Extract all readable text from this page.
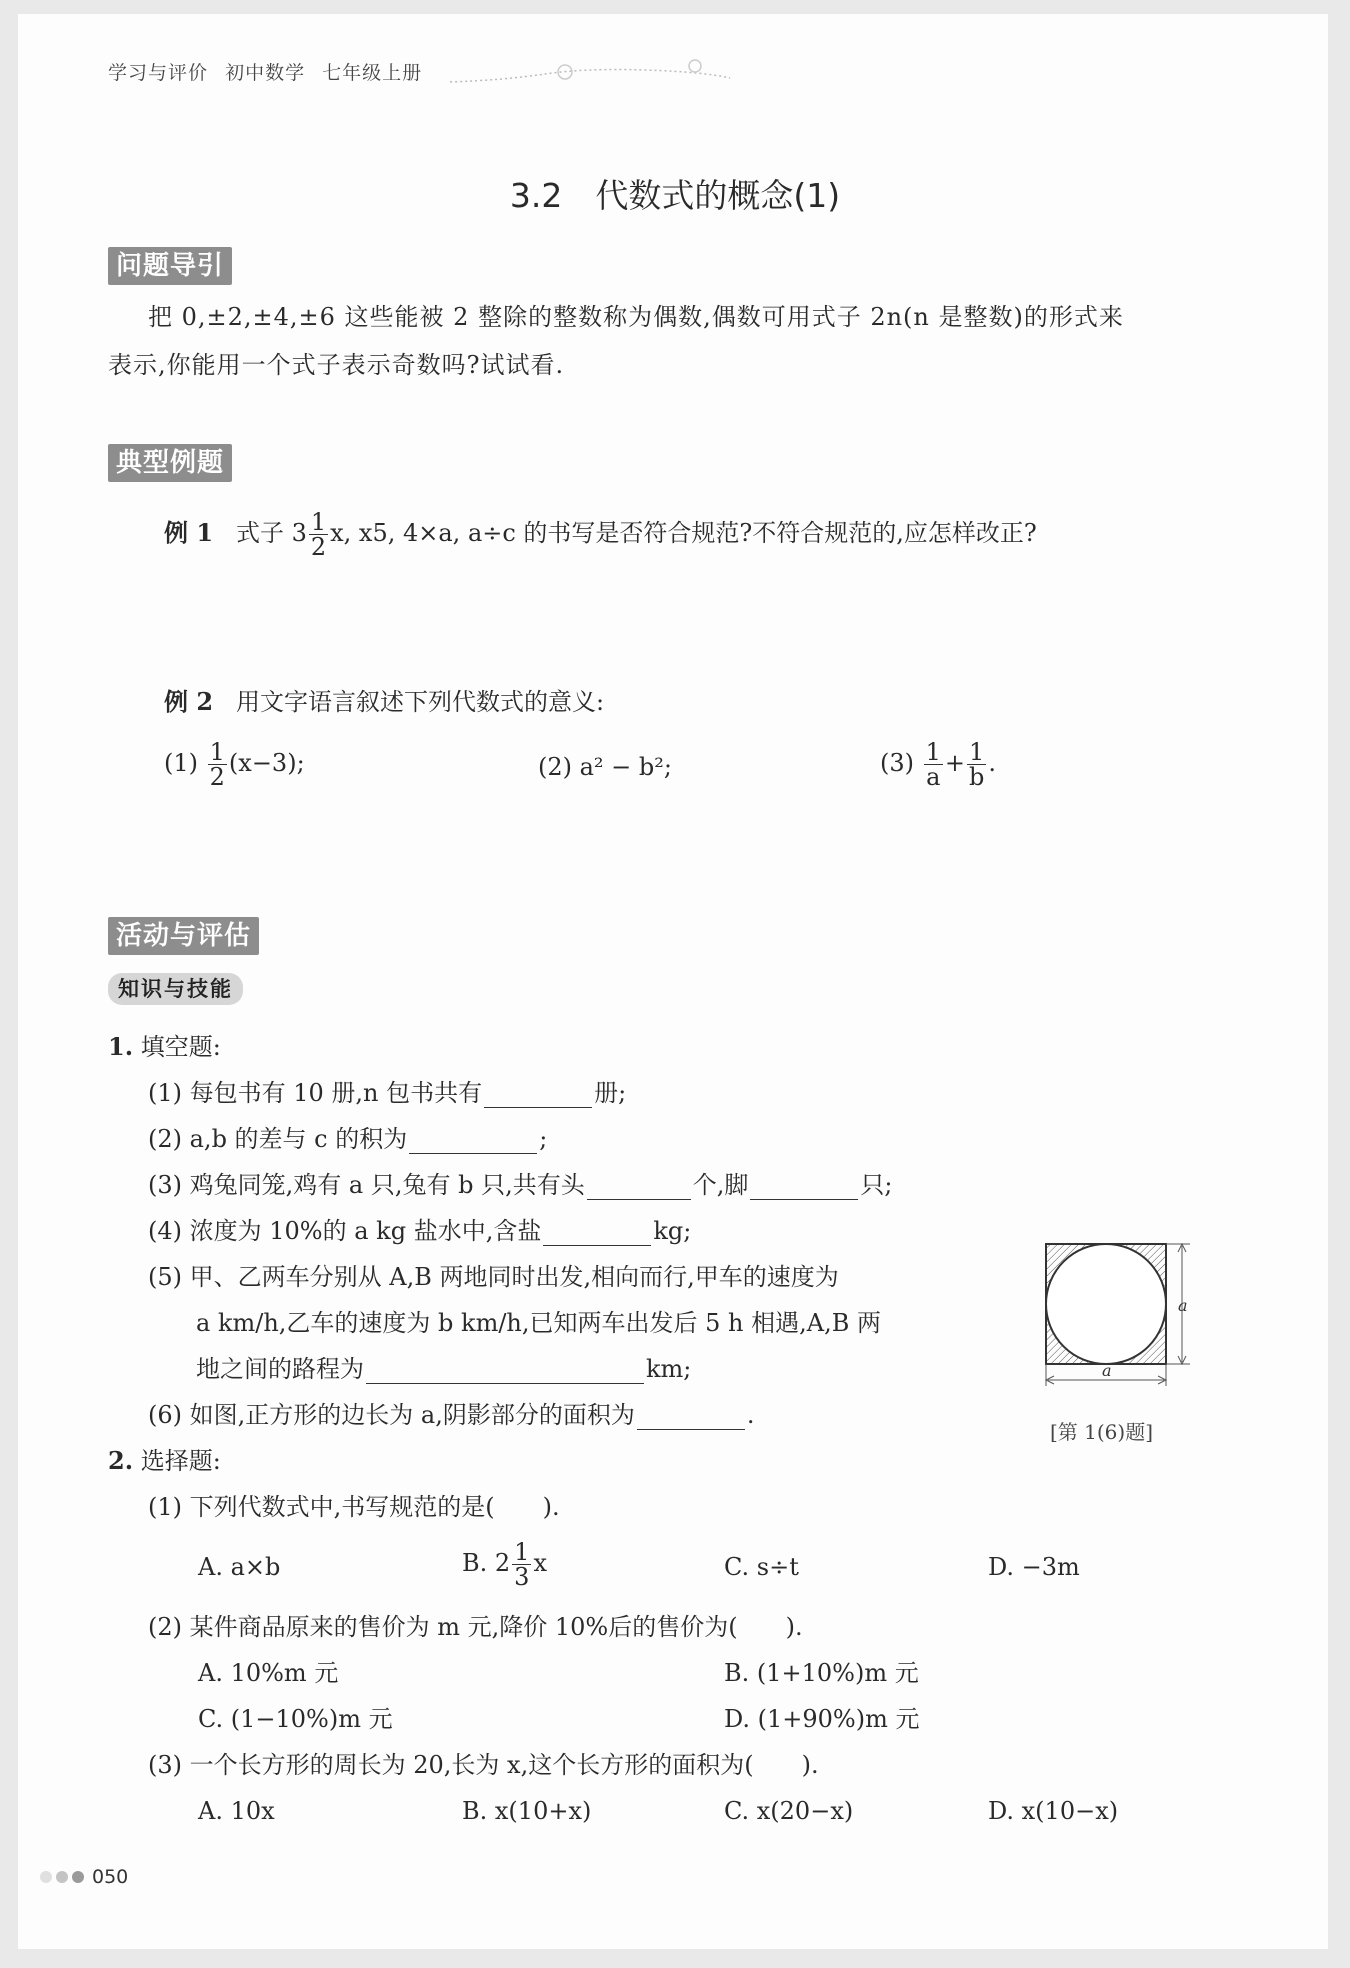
学习与评价 初中数学 七年级上册
3.2　代数式的概念(1)
问题导引
把 0,±2,±4,±6 这些能被 2 整除的整数称为偶数,偶数可用式子 2n(n 是整数)的形式来
表示,你能用一个式子表示奇数吗?试试看.
典型例题
例 1 式子 $3 \frac{1}{2} x$, x5, 4×a, a÷c 的书写是否符合规范?不符合规范的,应怎样改正?
例 2 用文字语言叙述下列代数式的意义:
$(1) \frac{1}{2} (x-3)$;	(2) a² − b²;	$(3) \frac{1}{a} + \frac{1}{b}$ .
活动与评估
知识与技能
1. 填空题:
(1) 每包书有 10 册,n 包书共有	册;
(2) a,b 的差与 c 的积为	;
(3) 鸡兔同笼,鸡有 a 只,兔有 b 只,共有头	个,脚	只;
(4) 浓度为 10%的 a kg 盐水中,含盐	kg;
(5) 甲、乙两车分别从 A,B 两地同时出发,相向而行,甲车的速度为
a km/h,乙车的速度为 b km/h,已知两车出发后 5 h 相遇,A,B 两
地之间的路程为	km;
(6) 如图,正方形的边长为 a,阴影部分的面积为	.
a
a
[第 1(6)题]
2. 选择题:
(1) 下列代数式中,书写规范的是(　　).
A. a×b	B. $2 \frac{1}{3}$ x	C. s÷t	D. −3m
(2) 某件商品原来的售价为 m 元,降价 10%后的售价为(　　).
A. 10%m 元	B. (1+10%)m 元
C. (1−10%)m 元	D. (1+90%)m 元
(3) 一个长方形的周长为 20,长为 x,这个长方形的面积为(　　).
A. 10x	B. x(10+x)	C. x(20−x)	D. x(10−x)
050
